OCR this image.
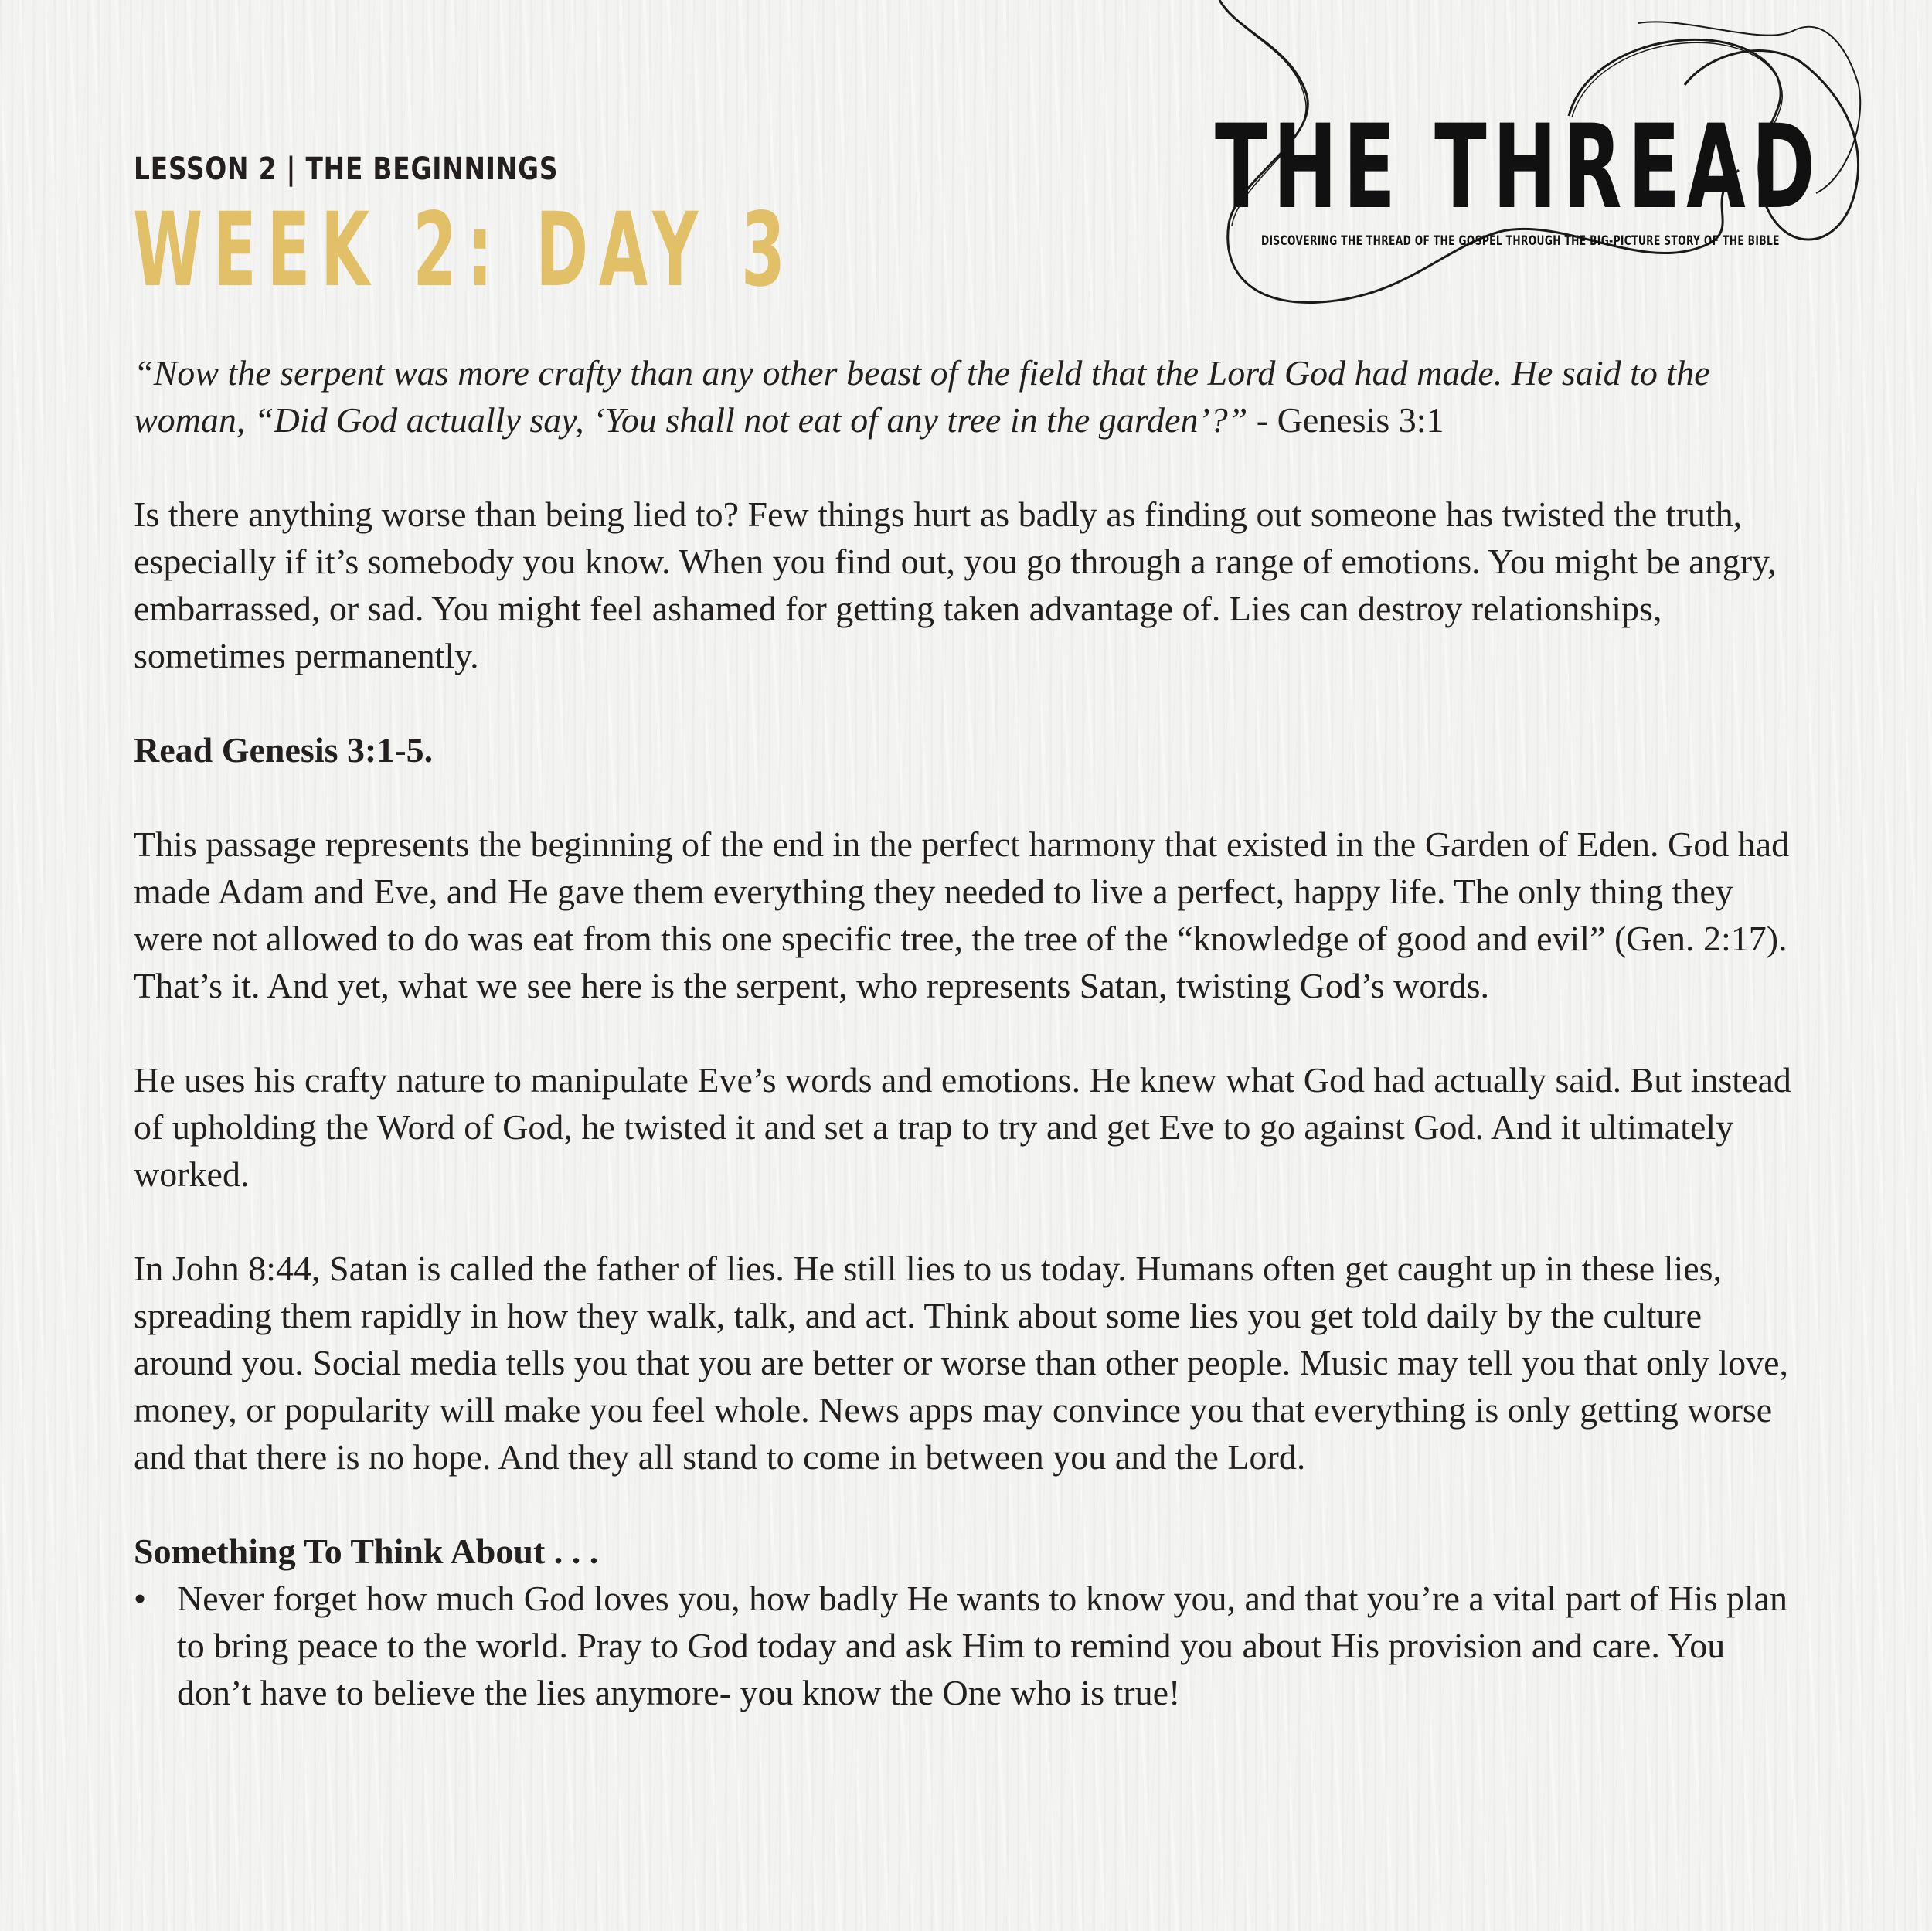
LESSON 2 | THE BEGINNINGS
WEEK 2: DAY 3
THE THREAD
DISCOVERING THE THREAD OF THE GOSPEL THROUGH THE BIG-PICTURE STORY OF THE BIBLE

“Now the serpent was more crafty than any other beast of the field that the Lord God had made. He said to the woman, “Did God actually say, ‘You shall not eat of any tree in the garden’?” - Genesis 3:1

Is there anything worse than being lied to? Few things hurt as badly as finding out someone has twisted the truth, especially if it’s somebody you know. When you find out, you go through a range of emotions. You might be angry, embarrassed, or sad. You might feel ashamed for getting taken advantage of. Lies can destroy relationships, sometimes permanently.

Read Genesis 3:1-5.

This passage represents the beginning of the end in the perfect harmony that existed in the Garden of Eden. God had made Adam and Eve, and He gave them everything they needed to live a perfect, happy life. The only thing they were not allowed to do was eat from this one specific tree, the tree of the “knowledge of good and evil” (Gen. 2:17). That’s it. And yet, what we see here is the serpent, who represents Satan, twisting God’s words.

He uses his crafty nature to manipulate Eve’s words and emotions. He knew what God had actually said. But instead of upholding the Word of God, he twisted it and set a trap to try and get Eve to go against God. And it ultimately worked.

In John 8:44, Satan is called the father of lies. He still lies to us today. Humans often get caught up in these lies, spreading them rapidly in how they walk, talk, and act. Think about some lies you get told daily by the culture around you. Social media tells you that you are better or worse than other people. Music may tell you that only love, money, or popularity will make you feel whole. News apps may convince you that everything is only getting worse and that there is no hope. And they all stand to come in between you and the Lord.

Something To Think About . . .

• Never forget how much God loves you, how badly He wants to know you, and that you’re a vital part of His plan to bring peace to the world. Pray to God today and ask Him to remind you about His provision and care. You don’t have to believe the lies anymore- you know the One who is true!
